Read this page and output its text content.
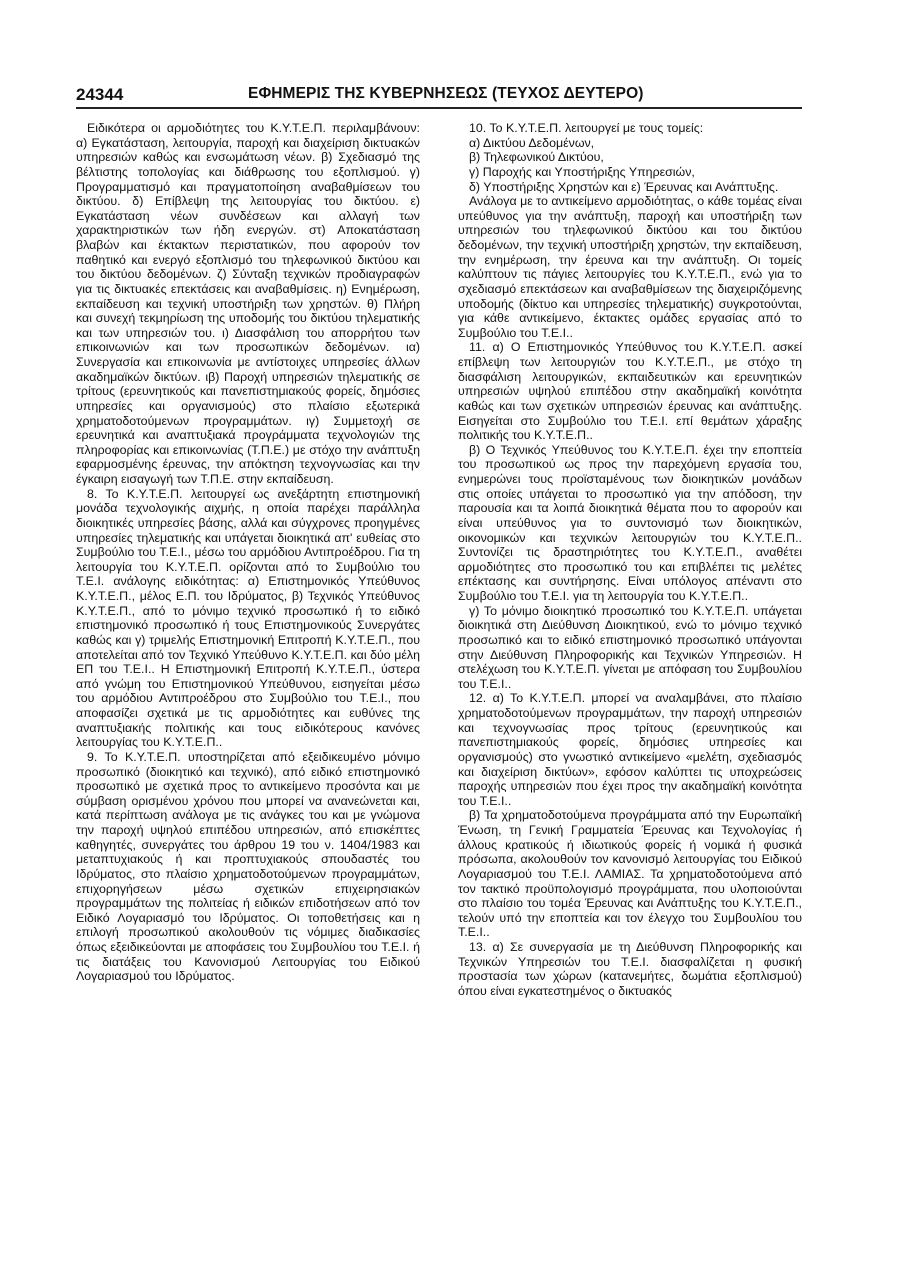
24344	ΕΦΗΜΕΡΙΣ ΤΗΣ ΚΥΒΕΡΝΗΣΕΩΣ (ΤΕΥΧΟΣ ΔΕΥΤΕΡΟ)

Ειδικότερα οι αρμοδιότητες του Κ.Υ.Τ.Ε.Π. περιλαμβάνουν: α) Εγκατάσταση, λειτουργία, παροχή και διαχείριση δικτυακών υπηρεσιών καθώς και ενσωμάτωση νέων. β) Σχεδιασμό της βέλτιστης τοπολογίας και διάθρωσης του εξοπλισμού. γ) Προγραμματισμό και πραγματοποίηση αναβαθμίσεων του δικτύου. δ) Επίβλεψη της λειτουργίας του δικτύου. ε) Εγκατάσταση νέων συνδέσεων και αλλαγή των χαρακτηριστικών των ήδη ενεργών. στ) Αποκατάσταση βλαβών και έκτακτων περιστατικών, που αφορούν τον παθητικό και ενεργό εξοπλισμό του τηλεφωνικού δικτύου και του δικτύου δεδομένων. ζ) Σύνταξη τεχνικών προδιαγραφών για τις δικτυακές επεκτάσεις και αναβαθμίσεις. η) Ενημέρωση, εκπαίδευση και τεχνική υποστήριξη των χρηστών. θ) Πλήρη και συνεχή τεκμηρίωση της υποδομής του δικτύου τηλεματικής και των υπηρεσιών του. ι) Διασφάλιση του απορρήτου των επικοινωνιών και των προσωπικών δεδομένων. ια) Συνεργασία και επικοινωνία με αντίστοιχες υπηρεσίες άλλων ακαδημαϊκών δικτύων. ιβ) Παροχή υπηρεσιών τηλεματικής σε τρίτους (ερευνητικούς και πανεπιστημιακούς φορείς, δημόσιες υπηρεσίες και οργανισμούς) στο πλαίσιο εξωτερικά χρηματοδοτούμενων προγραμμάτων. ιγ) Συμμετοχή σε ερευνητικά και αναπτυξιακά προγράμματα τεχνολογιών της πληροφορίας και επικοινωνίας (Τ.Π.Ε.) με στόχο την ανάπτυξη εφαρμοσμένης έρευνας, την απόκτηση τεχνογνωσίας και την έγκαιρη εισαγωγή των Τ.Π.Ε. στην εκπαίδευση.

8. Το Κ.Υ.Τ.Ε.Π. λειτουργεί ως ανεξάρτητη επιστημονική μονάδα τεχνολογικής αιχμής, η οποία παρέχει παράλληλα διοικητικές υπηρεσίες βάσης, αλλά και σύγχρονες προηγμένες υπηρεσίες τηλεματικής και υπάγεται διοικητικά απ' ευθείας στο Συμβούλιο του Τ.Ε.Ι., μέσω του αρμόδιου Αντιπροέδρου. Για τη λειτουργία του Κ.Υ.Τ.Ε.Π. ορίζονται από το Συμβούλιο του Τ.Ε.Ι. ανάλογης ειδικότητας: α) Επιστημονικός Υπεύθυνος Κ.Υ.Τ.Ε.Π., μέλος Ε.Π. του Ιδρύματος, β) Τεχνικός Υπεύθυνος Κ.Υ.Τ.Ε.Π., από το μόνιμο τεχνικό προσωπικό ή το ειδικό επιστημονικό προσωπικό ή τους Επιστημονικούς Συνεργάτες καθώς και γ) τριμελής Επιστημονική Επιτροπή Κ.Υ.Τ.Ε.Π., που αποτελείται από τον Τεχνικό Υπεύθυνο Κ.Υ.Τ.Ε.Π. και δύο μέλη ΕΠ του Τ.Ε.Ι.. Η Επιστημονική Επιτροπή Κ.Υ.Τ.Ε.Π., ύστερα από γνώμη του Επιστημονικού Υπεύθυνου, εισηγείται μέσω του αρμόδιου Αντιπροέδρου στο Συμβούλιο του Τ.Ε.Ι., που αποφασίζει σχετικά με τις αρμοδιότητες και ευθύνες της αναπτυξιακής πολιτικής και τους ειδικότερους κανόνες λειτουργίας του Κ.Υ.Τ.Ε.Π..

9. Το Κ.Υ.Τ.Ε.Π. υποστηρίζεται από εξειδικευμένο μόνιμο προσωπικό (διοικητικό και τεχνικό), από ειδικό επιστημονικό προσωπικό με σχετικά προς το αντικείμενο προσόντα και με σύμβαση ορισμένου χρόνου που μπορεί να ανανεώνεται και, κατά περίπτωση ανάλογα με τις ανάγκες του και με γνώμονα την παροχή υψηλού επιπέδου υπηρεσιών, από επισκέπτες καθηγητές, συνεργάτες του άρθρου 19 του ν. 1404/1983 και μεταπτυχιακούς ή και προπτυχιακούς σπουδαστές του Ιδρύματος, στο πλαίσιο χρηματοδοτούμενων προγραμμάτων, επιχορηγήσεων μέσω σχετικών επιχειρησιακών προγραμμάτων της πολιτείας ή ειδικών επιδοτήσεων από τον Ειδικό Λογαριασμό του Ιδρύματος. Οι τοποθετήσεις και η επιλογή προσωπικού ακολουθούν τις νόμιμες διαδικασίες όπως εξειδικεύονται με αποφάσεις του Συμβουλίου του Τ.Ε.Ι. ή τις διατάξεις του Κανονισμού Λειτουργίας του Ειδικού Λογαριασμού του Ιδρύματος.

10. Το Κ.Υ.Τ.Ε.Π. λειτουργεί με τους τομείς:

α) Δικτύου Δεδομένων,

β) Τηλεφωνικού Δικτύου,

γ) Παροχής και Υποστήριξης Υπηρεσιών,

δ) Υποστήριξης Χρηστών και ε) Έρευνας και Ανάπτυξης.

Ανάλογα με το αντικείμενο αρμοδιότητας, ο κάθε τομέας είναι υπεύθυνος για την ανάπτυξη, παροχή και υποστήριξη των υπηρεσιών του τηλεφωνικού δικτύου και του δικτύου δεδομένων, την τεχνική υποστήριξη χρηστών, την εκπαίδευση, την ενημέρωση, την έρευνα και την ανάπτυξη. Οι τομείς καλύπτουν τις πάγιες λειτουργίες του Κ.Υ.Τ.Ε.Π., ενώ για το σχεδιασμό επεκτάσεων και αναβαθμίσεων της διαχειριζόμενης υποδομής (δίκτυο και υπηρεσίες τηλεματικής) συγκροτούνται, για κάθε αντικείμενο, έκτακτες ομάδες εργασίας από το Συμβούλιο του Τ.Ε.Ι..

11. α) Ο Επιστημονικός Υπεύθυνος του Κ.Υ.Τ.Ε.Π. ασκεί επίβλεψη των λειτουργιών του Κ.Υ.Τ.Ε.Π., με στόχο τη διασφάλιση λειτουργικών, εκπαιδευτικών και ερευνητικών υπηρεσιών υψηλού επιπέδου στην ακαδημαϊκή κοινότητα καθώς και των σχετικών υπηρεσιών έρευνας και ανάπτυξης. Εισηγείται στο Συμβούλιο του Τ.Ε.Ι. επί θεμάτων χάραξης πολιτικής του Κ.Υ.Τ.Ε.Π..

β) Ο Τεχνικός Υπεύθυνος του Κ.Υ.Τ.Ε.Π. έχει την εποπτεία του προσωπικού ως προς την παρεχόμενη εργασία του, ενημερώνει τους προϊσταμένους των διοικητικών μονάδων στις οποίες υπάγεται το προσωπικό για την απόδοση, την παρουσία και τα λοιπά διοικητικά θέματα που το αφορούν και είναι υπεύθυνος για το συντονισμό των διοικητικών, οικονομικών και τεχνικών λειτουργιών του Κ.Υ.Τ.Ε.Π.. Συντονίζει τις δραστηριότητες του Κ.Υ.Τ.Ε.Π., αναθέτει αρμοδιότητες στο προσωπικό του και επιβλέπει τις μελέτες επέκτασης και συντήρησης. Είναι υπόλογος απέναντι στο Συμβούλιο του Τ.Ε.Ι. για τη λειτουργία του Κ.Υ.Τ.Ε.Π..

γ) Το μόνιμο διοικητικό προσωπικό του Κ.Υ.Τ.Ε.Π. υπάγεται διοικητικά στη Διεύθυνση Διοικητικού, ενώ το μόνιμο τεχνικό προσωπικό και το ειδικό επιστημονικό προσωπικό υπάγονται στην Διεύθυνση Πληροφορικής και Τεχνικών Υπηρεσιών. Η στελέχωση του Κ.Υ.Τ.Ε.Π. γίνεται με απόφαση του Συμβουλίου του Τ.Ε.Ι..

12. α) Το Κ.Υ.Τ.Ε.Π. μπορεί να αναλαμβάνει, στο πλαίσιο χρηματοδοτούμενων προγραμμάτων, την παροχή υπηρεσιών και τεχνογνωσίας προς τρίτους (ερευνητικούς και πανεπιστημιακούς φορείς, δημόσιες υπηρεσίες και οργανισμούς) στο γνωστικό αντικείμενο «μελέτη, σχεδιασμός και διαχείριση δικτύων», εφόσον καλύπτει τις υποχρεώσεις παροχής υπηρεσιών που έχει προς την ακαδημαϊκή κοινότητα του Τ.Ε.Ι..

β) Τα χρηματοδοτούμενα προγράμματα από την Ευρωπαϊκή Ένωση, τη Γενική Γραμματεία Έρευνας και Τεχνολογίας ή άλλους κρατικούς ή ιδιωτικούς φορείς ή νομικά ή φυσικά πρόσωπα, ακολουθούν τον κανονισμό λειτουργίας του Ειδικού Λογαριασμού του Τ.Ε.Ι. ΛΑΜΙΑΣ. Τα χρηματοδοτούμενα από τον τακτικό προϋπολογισμό προγράμματα, που υλοποιούνται στο πλαίσιο του τομέα Έρευνας και Ανάπτυξης του Κ.Υ.Τ.Ε.Π., τελούν υπό την εποπτεία και τον έλεγχο του Συμβουλίου του Τ.Ε.Ι..

13. α) Σε συνεργασία με τη Διεύθυνση Πληροφορικής και Τεχνικών Υπηρεσιών του Τ.Ε.Ι. διασφαλίζεται η φυσική προστασία των χώρων (κατανεμήτες, δωμάτια εξοπλισμού) όπου είναι εγκατεστημένος ο δικτυακός
